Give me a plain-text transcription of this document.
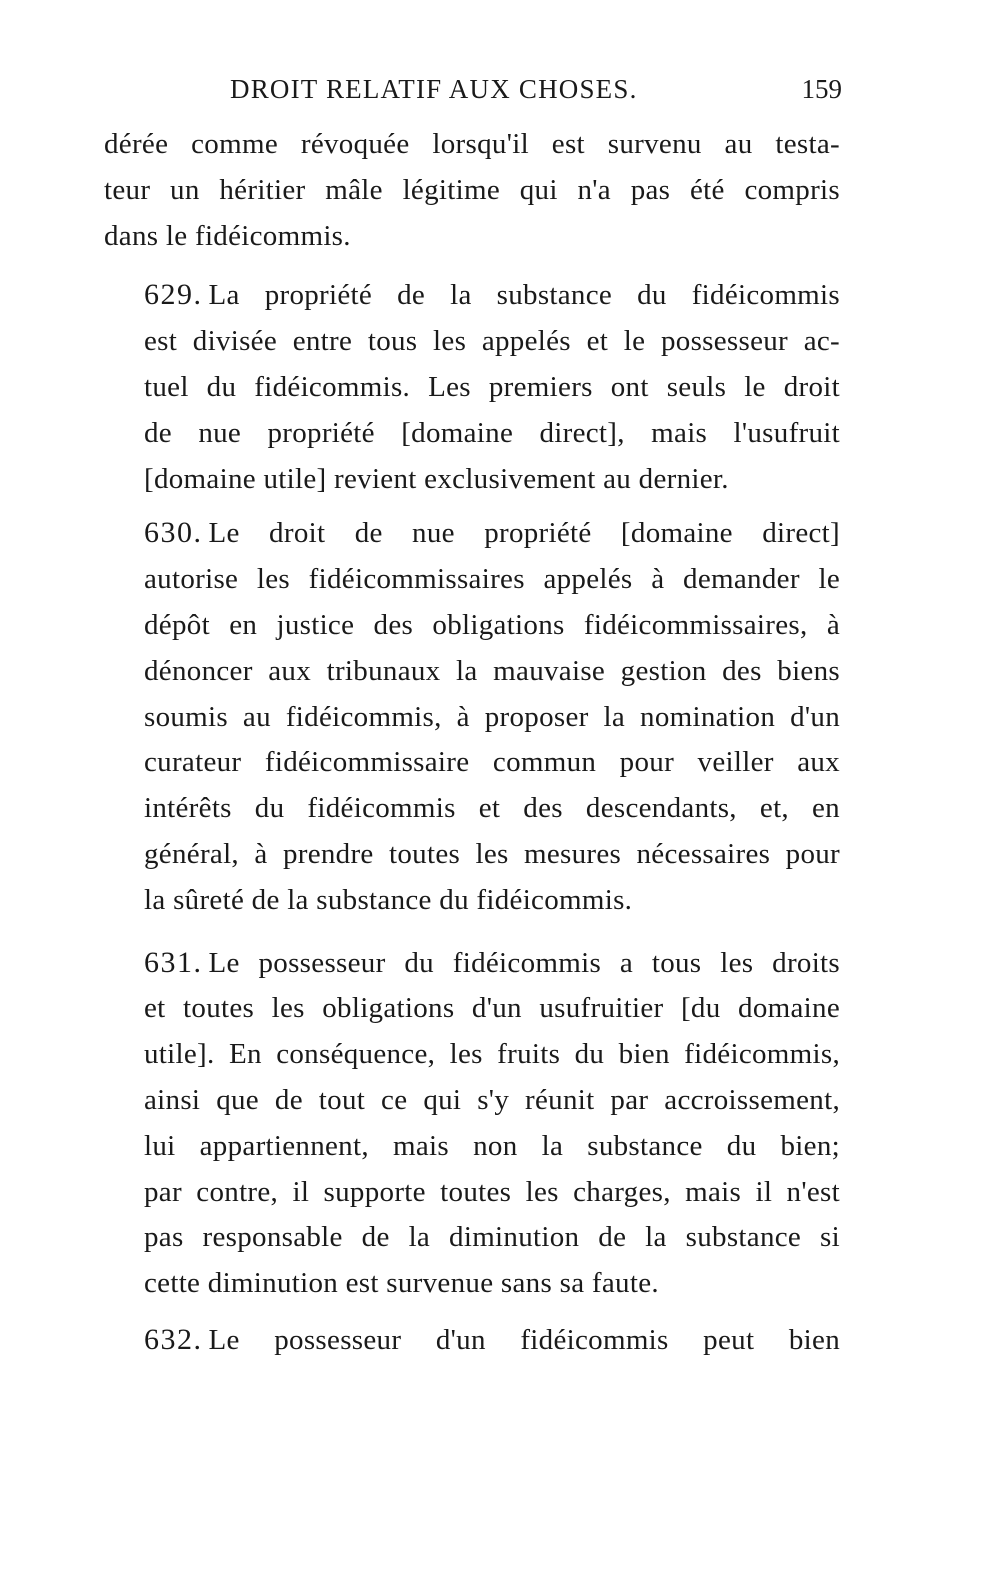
DROIT RELATIF AUX CHOSES.	159

dérée comme révoquée lorsqu'il est survenu au testa-
teur un héritier mâle légitime qui n'a pas été compris
dans le fidéicommis.

629. La propriété de la substance du fidéicommis
est divisée entre tous les appelés et le possesseur ac-
tuel du fidéicommis. Les premiers ont seuls le droit
de nue propriété [domaine direct], mais l'usufruit
[domaine utile] revient exclusivement au dernier.

630. Le droit de nue propriété [domaine direct]
autorise les fidéicommissaires appelés à demander le
dépôt en justice des obligations fidéicommissaires, à
dénoncer aux tribunaux la mauvaise gestion des biens
soumis au fidéicommis, à proposer la nomination d'un
curateur fidéicommissaire commun pour veiller aux
intérêts du fidéicommis et des descendants, et, en
général, à prendre toutes les mesures nécessaires pour
la sûreté de la substance du fidéicommis.

631. Le possesseur du fidéicommis a tous les droits
et toutes les obligations d'un usufruitier [du domaine
utile]. En conséquence, les fruits du bien fidéicommis,
ainsi que de tout ce qui s'y réunit par accroissement,
lui appartiennent, mais non la substance du bien;
par contre, il supporte toutes les charges, mais il n'est
pas responsable de la diminution de la substance si
cette diminution est survenue sans sa faute.

632. Le possesseur d'un fidéicommis peut bien
